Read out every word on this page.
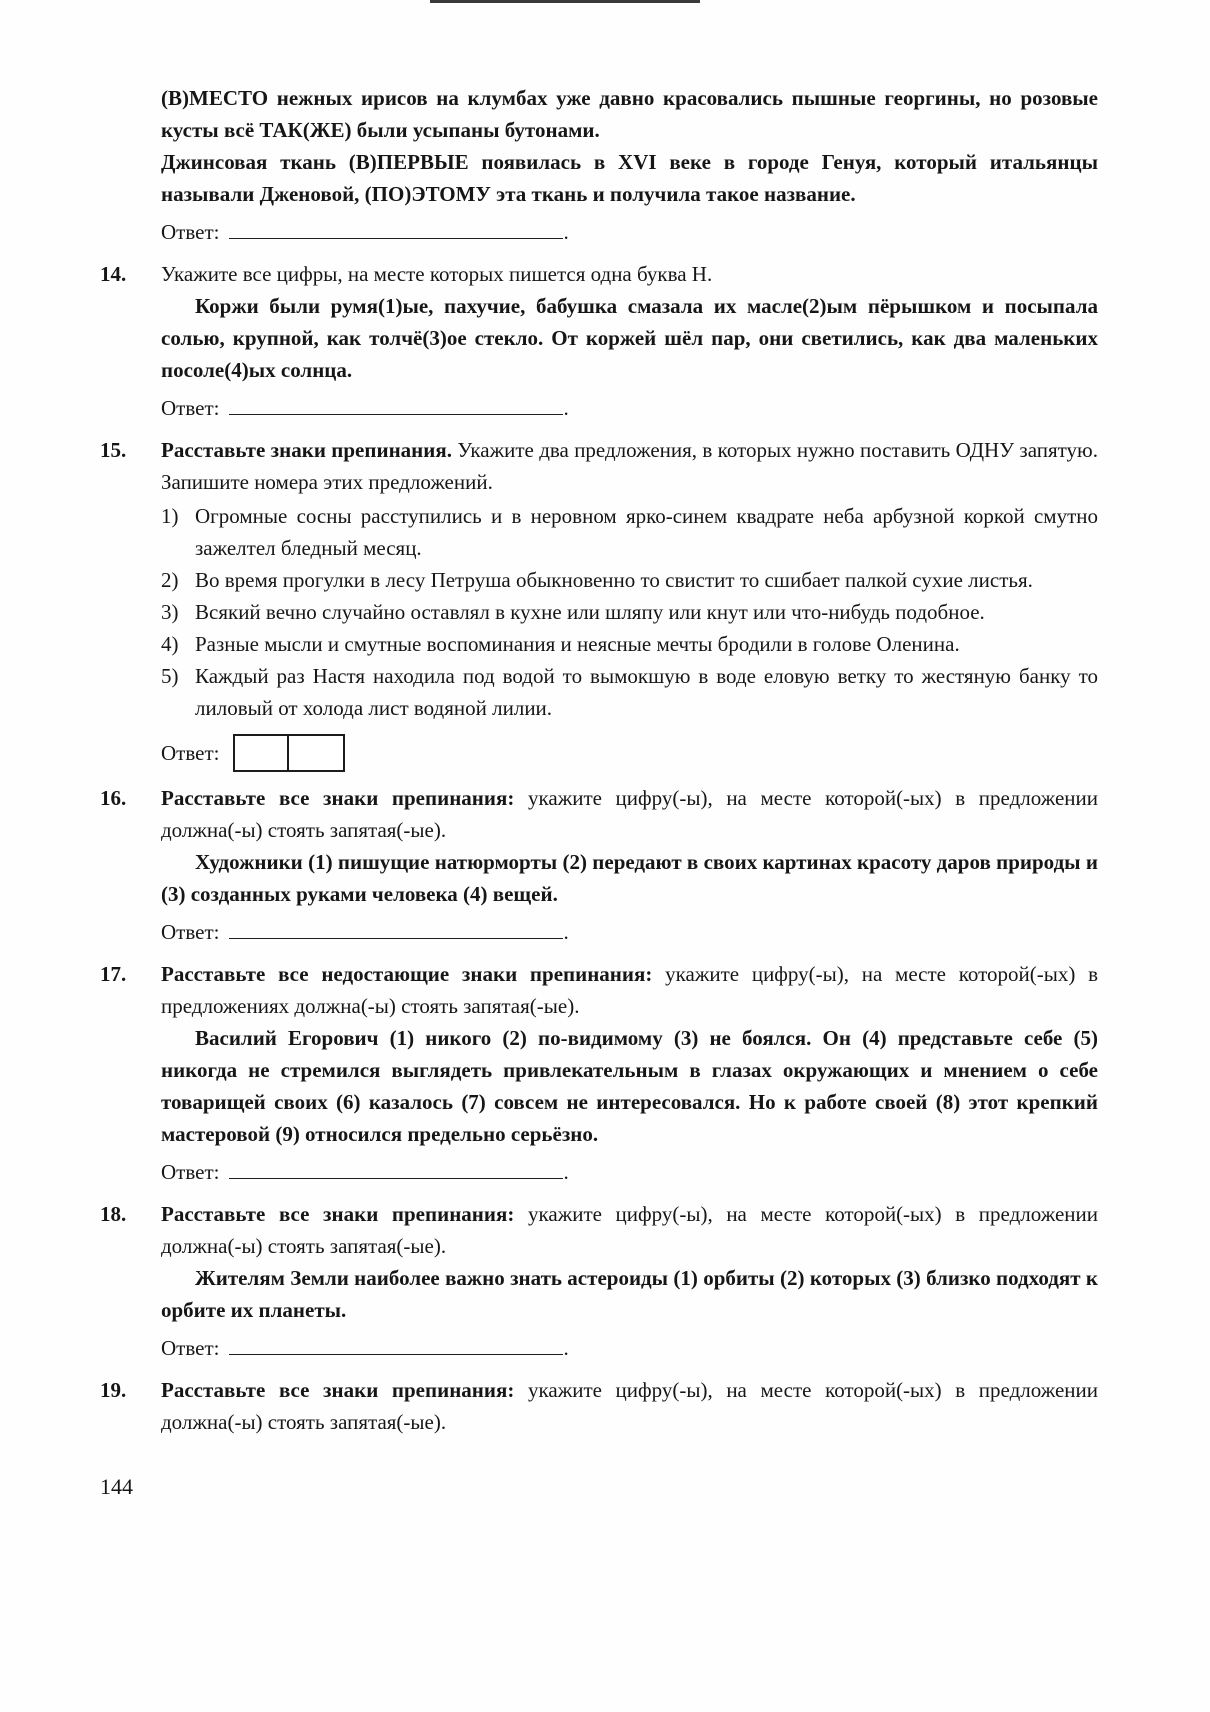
(В)МЕСТО нежных ирисов на клумбах уже давно красовались пышные георгины, но розовые кусты всё ТАК(ЖЕ) были усыпаны бутонами.

Джинсовая ткань (В)ПЕРВЫЕ появилась в XVI веке в городе Генуя, который итальянцы называли Дженовой, (ПО)ЭТОМУ эта ткань и получила такое название.

Ответ:	.
14. Укажите все цифры, на месте которых пишется одна буква Н.

Коржи были румя(1)ые, пахучие, бабушка смазала их масле(2)ым пёрышком и посыпала солью, крупной, как толчё(3)ое стекло. От коржей шёл пар, они светились, как два маленьких посоле(4)ых солнца.

Ответ:	.
15. Расставьте знаки препинания. Укажите два предложения, в которых нужно поставить ОДНУ запятую. Запишите номера этих предложений.

1) Огромные сосны расступились и в неровном ярко-синем квадрате неба арбузной коркой смутно зажелтел бледный месяц.

2) Во время прогулки в лесу Петруша обыкновенно то свистит то сшибает палкой сухие листья.

3) Всякий вечно случайно оставлял в кухне или шляпу или кнут или что-нибудь подобное.

4) Разные мысли и смутные воспоминания и неясные мечты бродили в голове Оленина.

5) Каждый раз Настя находила под водой то вымокшую в воде еловую ветку то жестяную банку то лиловый от холода лист водяной лилии.

Ответ:
16. Расставьте все знаки препинания: укажите цифру(-ы), на месте которой(-ых) в предложении должна(-ы) стоять запятая(-ые).

Художники (1) пишущие натюрморты (2) передают в своих картинах красоту даров природы и (3) созданных руками человека (4) вещей.

Ответ:	.
17. Расставьте все недостающие знаки препинания: укажите цифру(-ы), на месте которой(-ых) в предложениях должна(-ы) стоять запятая(-ые).

Василий Егорович (1) никого (2) по-видимому (3) не боялся. Он (4) представьте себе (5) никогда не стремился выглядеть привлекательным в глазах окружающих и мнением о себе товарищей своих (6) казалось (7) совсем не интересовался. Но к работе своей (8) этот крепкий мастеровой (9) относился предельно серьёзно.

Ответ:	.
18. Расставьте все знаки препинания: укажите цифру(-ы), на месте которой(-ых) в предложении должна(-ы) стоять запятая(-ые).

Жителям Земли наиболее важно знать астероиды (1) орбиты (2) которых (3) близко подходят к орбите их планеты.

Ответ:	.
19. Расставьте все знаки препинания: укажите цифру(-ы), на месте которой(-ых) в предложении должна(-ы) стоять запятая(-ые).

144
